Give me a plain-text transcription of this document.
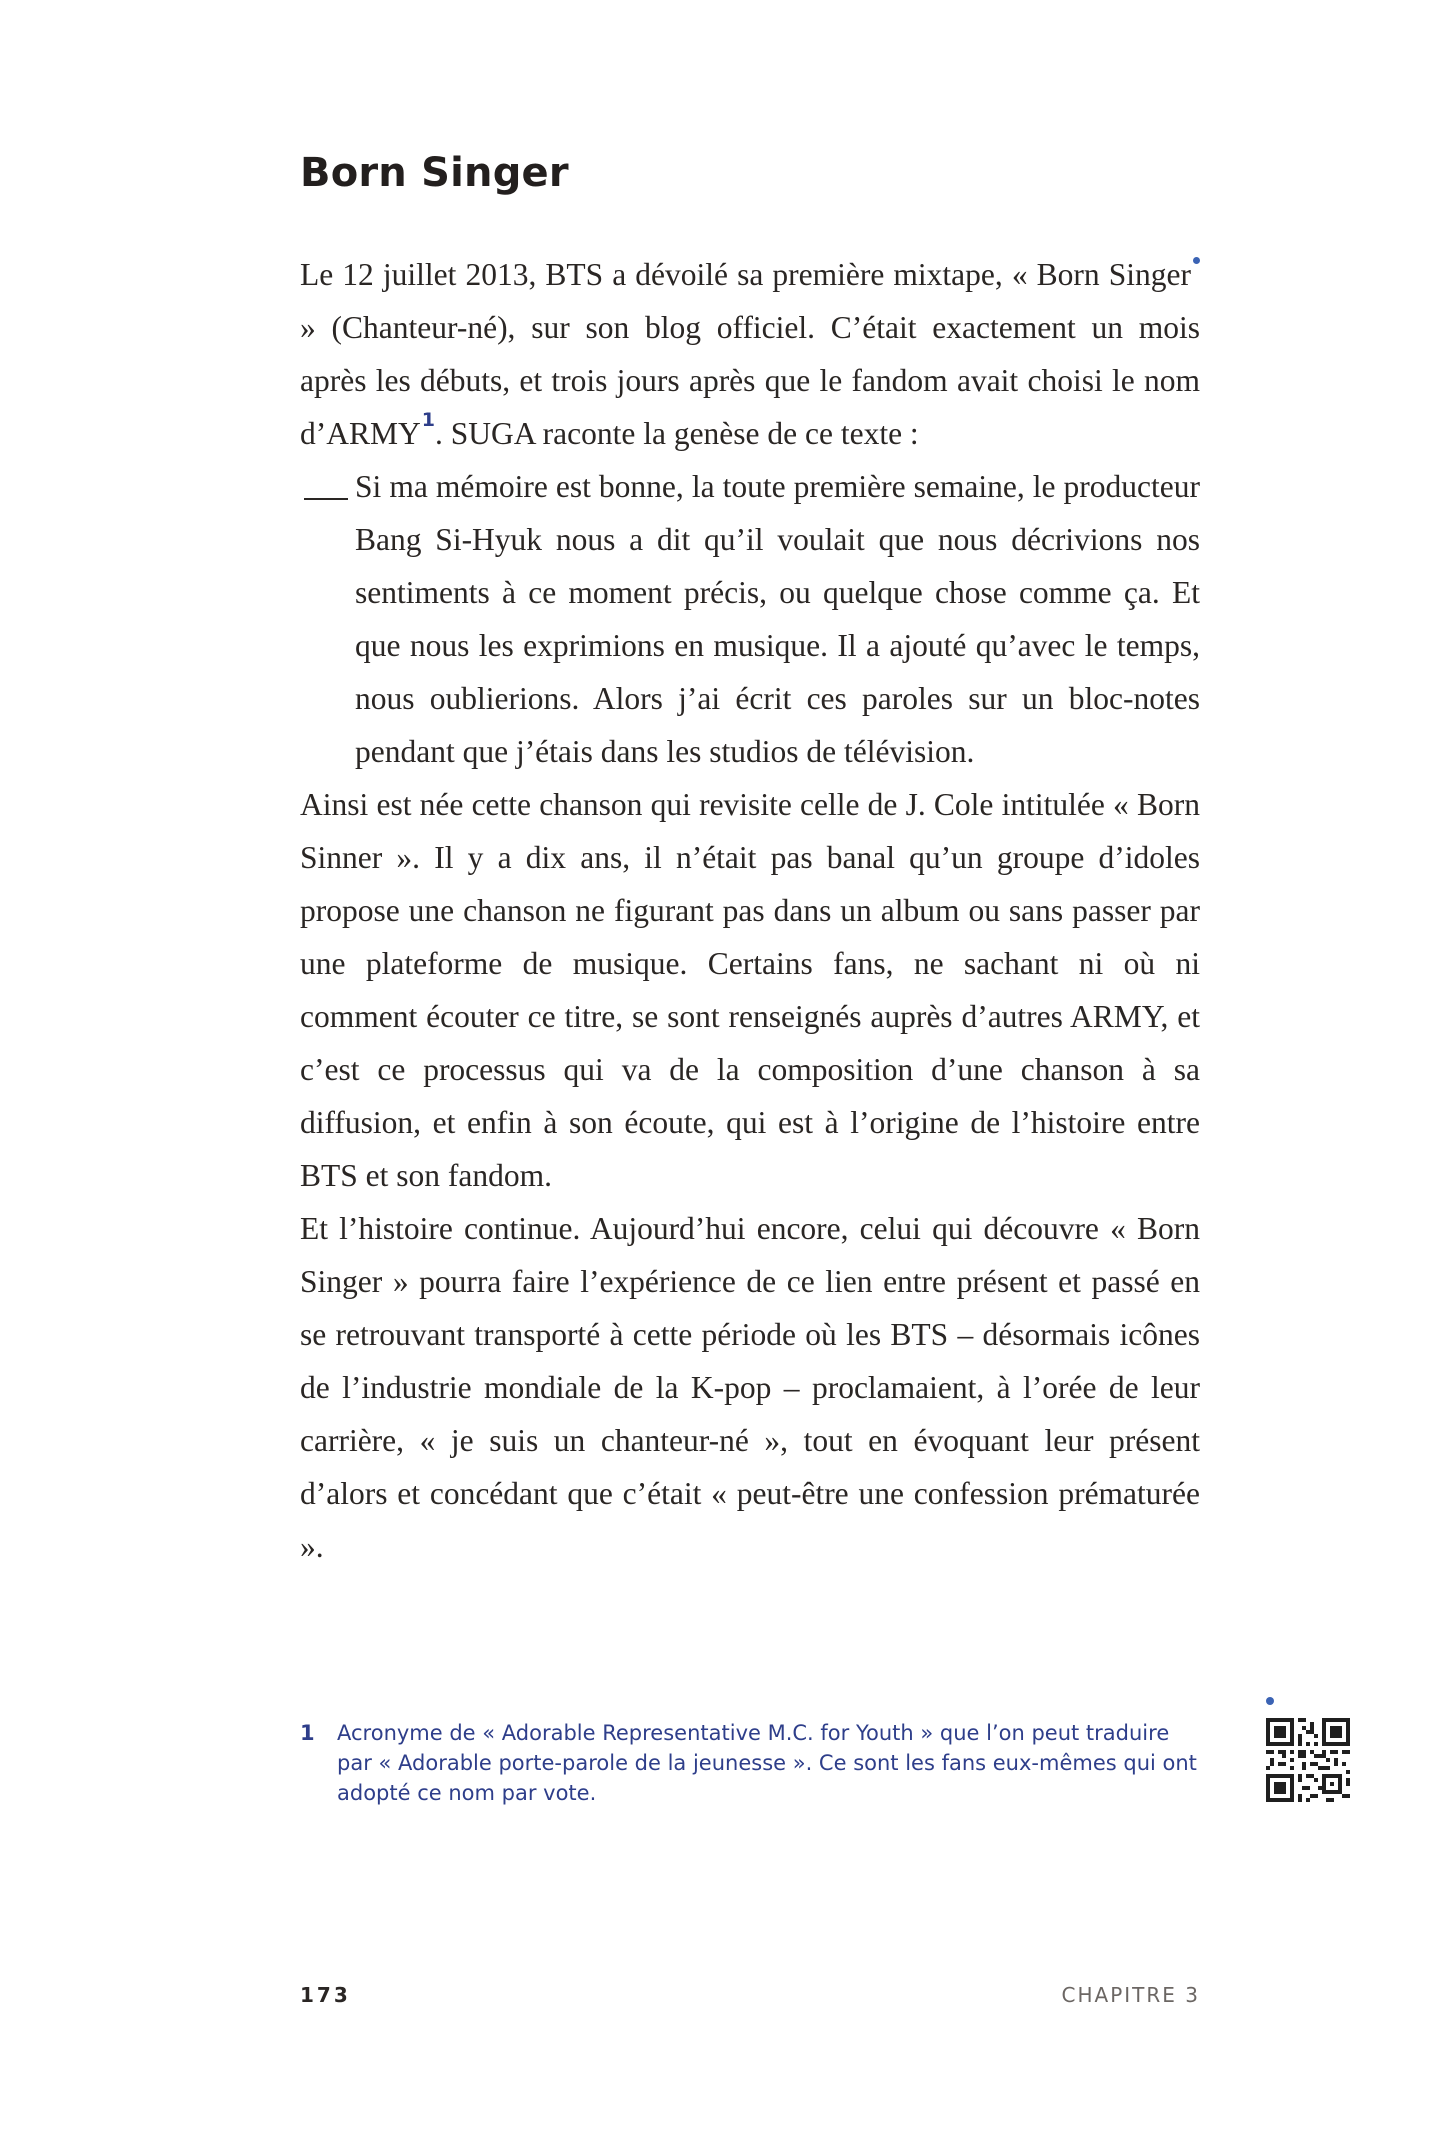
Born Singer

Le 12 juillet 2013, BTS a dévoilé sa première mixtape, « Born Singer » (Chanteur-né), sur son blog officiel. C’était exactement un mois après les débuts, et trois jours après que le fandom avait choisi le nom d’ARMY$^1$. SUGA raconte la genèse de ce texte :

Si ma mémoire est bonne, la toute première semaine, le producteur Bang Si-Hyuk nous a dit qu’il voulait que nous décrivions nos sentiments à ce moment précis, ou quelque chose comme ça. Et que nous les exprimions en musique. Il a ajouté qu’avec le temps, nous oublierions. Alors j’ai écrit ces paroles sur un bloc-notes pendant que j’étais dans les studios de télévision.

Ainsi est née cette chanson qui revisite celle de J. Cole intitulée « Born Sinner ». Il y a dix ans, il n’était pas banal qu’un groupe d’idoles propose une chanson ne figurant pas dans un album ou sans passer par une plateforme de musique. Certains fans, ne sachant ni où ni comment écouter ce titre, se sont renseignés auprès d’autres ARMY, et c’est ce processus qui va de la composition d’une chanson à sa diffusion, et enfin à son écoute, qui est à l’origine de l’histoire entre BTS et son fandom.

Et l’histoire continue. Aujourd’hui encore, celui qui découvre « Born Singer » pourra faire l’expérience de ce lien entre présent et passé en se retrouvant transporté à cette période où les BTS – désormais icônes de l’industrie mondiale de la K-pop – proclamaient, à l’orée de leur carrière, « je suis un chanteur-né », tout en évoquant leur présent d’alors et concédant que c’était « peut-être une confession prématurée ».

1 Acronyme de « Adorable Representative M.C. for Youth » que l’on peut traduire par « Adorable porte-parole de la jeunesse ». Ce sont les fans eux-mêmes qui ont adopté ce nom par vote.
173	CHAPITRE 3
